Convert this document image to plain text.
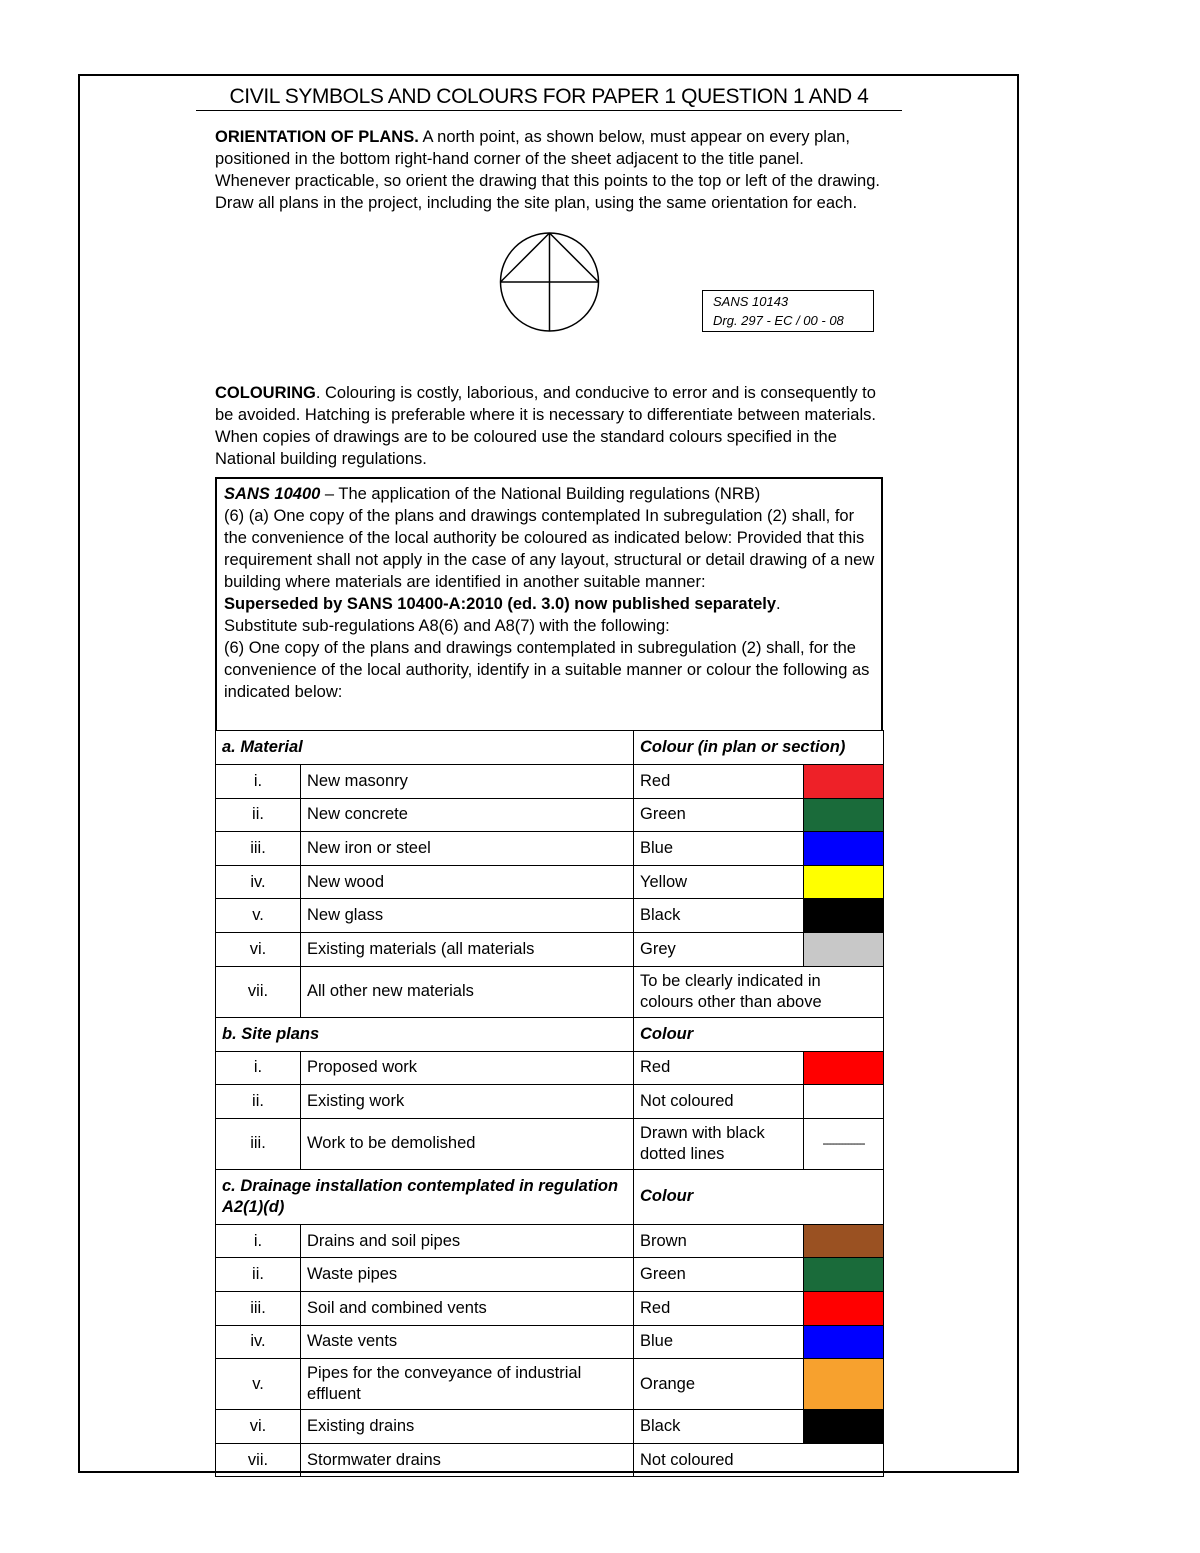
CIVIL SYMBOLS AND COLOURS FOR PAPER 1 QUESTION 1 AND 4
ORIENTATION OF PLANS. A north point, as shown below, must appear on every plan, positioned in the bottom right-hand corner of the sheet adjacent to the title panel. Whenever practicable, so orient the drawing that this points to the top or left of the drawing. Draw all plans in the project, including the site plan, using the same orientation for each.
SANS 10143
Drg. 297 - EC / 00 - 08
COLOURING. Colouring is costly, laborious, and conducive to error and is consequently to be avoided. Hatching is preferable where it is necessary to differentiate between materials. When copies of drawings are to be coloured use the standard colours specified in the National building regulations.
SANS 10400 – The application of the National Building regulations (NRB)
(6) (a) One copy of the plans and drawings contemplated In subregulation (2) shall, for the convenience of the local authority be coloured as indicated below: Provided that this requirement shall not apply in the case of any layout, structural or detail drawing of a new building where materials are identified in another suitable manner:
Superseded by SANS 10400-A:2010 (ed. 3.0) now published separately.
Substitute sub-regulations A8(6) and A8(7) with the following:
(6) One copy of the plans and drawings contemplated in subregulation (2) shall, for the convenience of the local authority, identify in a suitable manner or colour the following as indicated below:
a. Material		Colour (in plan or section)	
i.	New masonry	Red	
ii.	New concrete	Green	
iii.	New iron or steel	Blue	
iv.	New wood	Yellow	
v.	New glass	Black	
vi.	Existing materials (all materials	Grey	
vii.	All other new materials	To be clearly indicated in colours other than above	
b. Site plans		Colour	
i.	Proposed work	Red	
ii.	Existing work	Not coloured	
iii.	Work to be demolished	Drawn with black dotted lines	--------------
c. Drainage installation contemplated in regulation A2(1)(d)		Colour	
i.	Drains and soil pipes	Brown	
ii.	Waste pipes	Green	
iii.	Soil and combined vents	Red	
iv.	Waste vents	Blue	
v.	Pipes for the conveyance of industrial effluent	Orange	
vi.	Existing drains	Black	
vii.	Stormwater drains	Not coloured	
